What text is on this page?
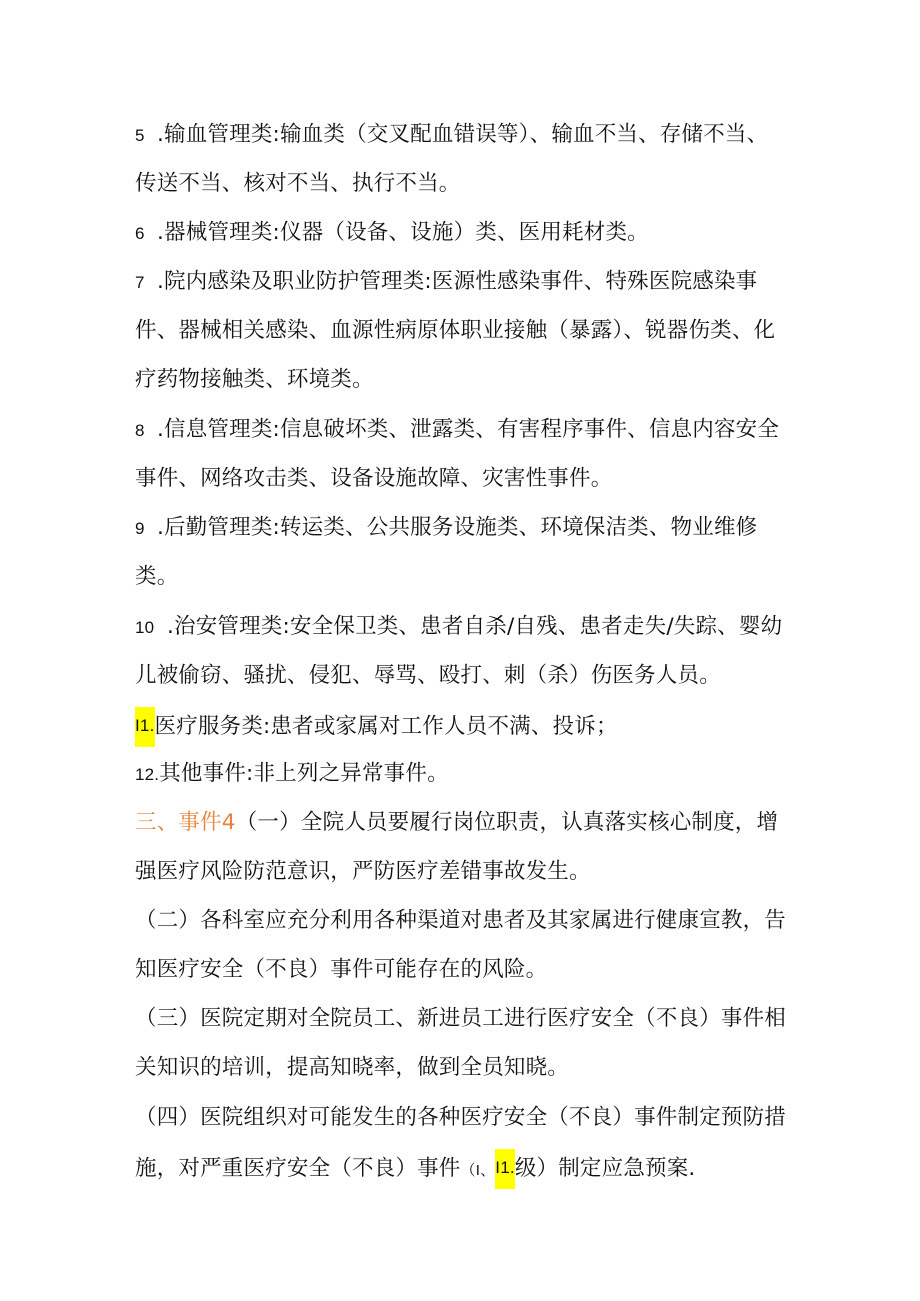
5 .输血管理类:输血类（交叉配血错误等）、输血不当、存储不当、
传送不当、核对不当、执行不当。
6 .器械管理类:仪器（设备、设施）类、医用耗材类。
7 .院内感染及职业防护管理类:医源性感染事件、特殊医院感染事
件、器械相关感染、血源性病原体职业接触（暴露）、锐器伤类、化
疗药物接触类、环境类。
8 .信息管理类:信息破坏类、泄露类、有害程序事件、信息内容安全
事件、网络攻击类、设备设施故障、灾害性事件。
9 .后勤管理类:转运类、公共服务设施类、环境保洁类、物业维修
类。
10 .治安管理类:安全保卫类、患者自杀/自残、患者走失/失踪、婴幼
儿被偷窃、骚扰、侵犯、辱骂、殴打、刺（杀）伤医务人员。
I1.医疗服务类:患者或家属对工作人员不满、投诉；
12.其他事件:非上列之异常事件。
三、事件4（一）全院人员要履行岗位职责，认真落实核心制度，增
强医疗风险防范意识，严防医疗差错事故发生。
（二）各科室应充分利用各种渠道对患者及其家属进行健康宣教，告
知医疗安全（不良）事件可能存在的风险。
（三）医院定期对全院员工、新进员工进行医疗安全（不良）事件相
关知识的培训，提高知晓率，做到全员知晓。
（四）医院组织对可能发生的各种医疗安全（不良）事件制定预防措
施，对严重医疗安全（不良）事件（I、I1.级）制定应急预案.
